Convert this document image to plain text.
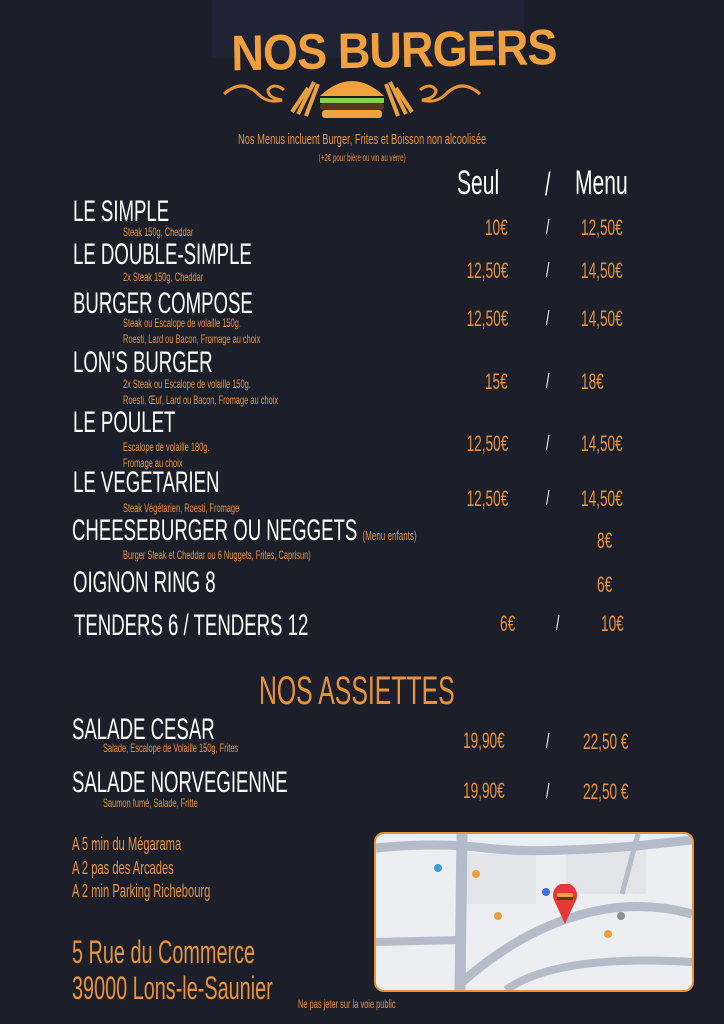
NOS BURGERS
Nos Menus incluent Burger, Frites et Boisson non alcoolisée
(+2€ pour bière ou vin au verre)
Seul	/ Menu
LE SIMPLE
Steak 150g, Cheddar	10€ / 12,50€
LE DOUBLE-SIMPLE
2x Steak 150g, Cheddar	12,50€ / 14,50€
BURGER COMPOSE
Steak ou Escalope de volaille 150g.
Roesti, Lard ou Bacon, Fromage au choix
12,50€ / 14,50€
LON’S BURGER
2x Steak ou Escalope de volaille 150g.
Roesti, Œuf, Lard ou Bacon, Fromage au choix
15€ / 18€
LE POULET
Escalope de volaille 180g.
Fromage au choix
12,50€ / 14,50€
LE VEGETARIEN
Steak Végétarien, Roesti, Fromage	12,50€ / 14,50€
CHEESEBURGER OU NEGGETS (Menu enfants)
Burger Steak et Cheddar ou 6 Nuggets, Frites, Caprisun)
8€
OIGNON RING 8	6€
TENDERS 6 / TENDERS 12	6€	/ 10€
NOS ASSIETTES
SALADE CESAR
Salade, Escalope de Volaille 150g, Frites	19,90€	/ 22,50 €
SALADE NORVEGIENNE
Saumon fumé, Salade, Fritte	19,90€	/ 22,50 €
A 5 min du Mégarama
A 2 pas des Arcades
A 2 min Parking Richebourg
5 Rue du Commerce
39000 Lons-le-Saunier	Ne pas jeter sur la voie public
